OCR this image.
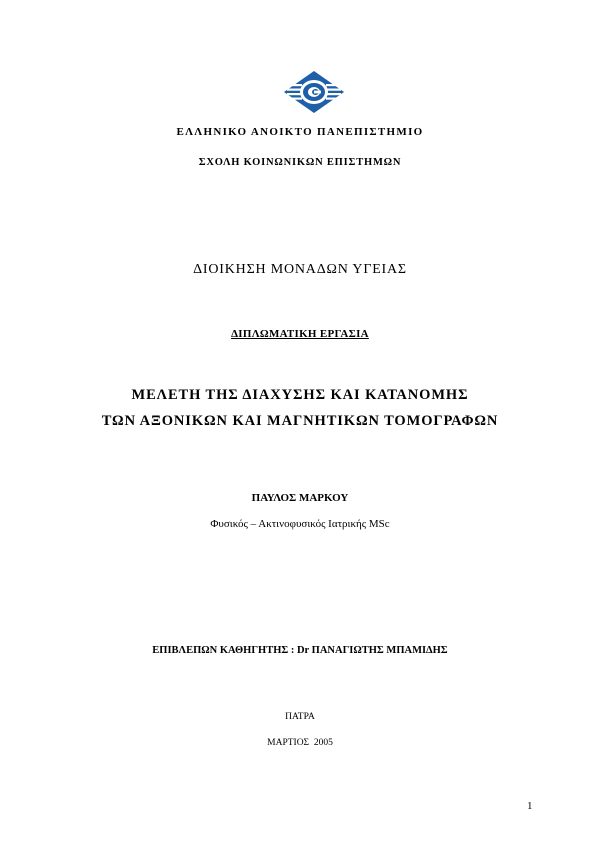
ΕΛΛΗΝΙΚΟ ΑΝΟΙΚΤΟ ΠΑΝΕΠΙΣΤΗΜΙΟ
ΣΧΟΛΗ ΚΟΙΝΩΝΙΚΩΝ ΕΠΙΣΤΗΜΩΝ
ΔΙΟΙΚΗΣΗ ΜΟΝΑΔΩΝ ΥΓΕΙΑΣ
ΔΙΠΛΩΜΑΤΙΚΗ ΕΡΓΑΣΙΑ
ΜΕΛΕΤΗ ΤΗΣ ΔΙΑΧΥΣΗΣ ΚΑΙ ΚΑΤΑΝΟΜΗΣ
ΤΩΝ ΑΞΟΝΙΚΩΝ ΚΑΙ ΜΑΓΝΗΤΙΚΩΝ ΤΟΜΟΓΡΑΦΩΝ
ΠΑΥΛΟΣ ΜΑΡΚΟΥ
Φυσικός – Ακτινοφυσικός Ιατρικής MSc
ΕΠΙΒΛΕΠΩΝ ΚΑΘΗΓΗΤΗΣ : Dr ΠΑΝΑΓΙΩΤΗΣ ΜΠΑΜΙΔΗΣ
ΠΑΤΡΑ
ΜΑΡΤΙΟΣ  2005
1
